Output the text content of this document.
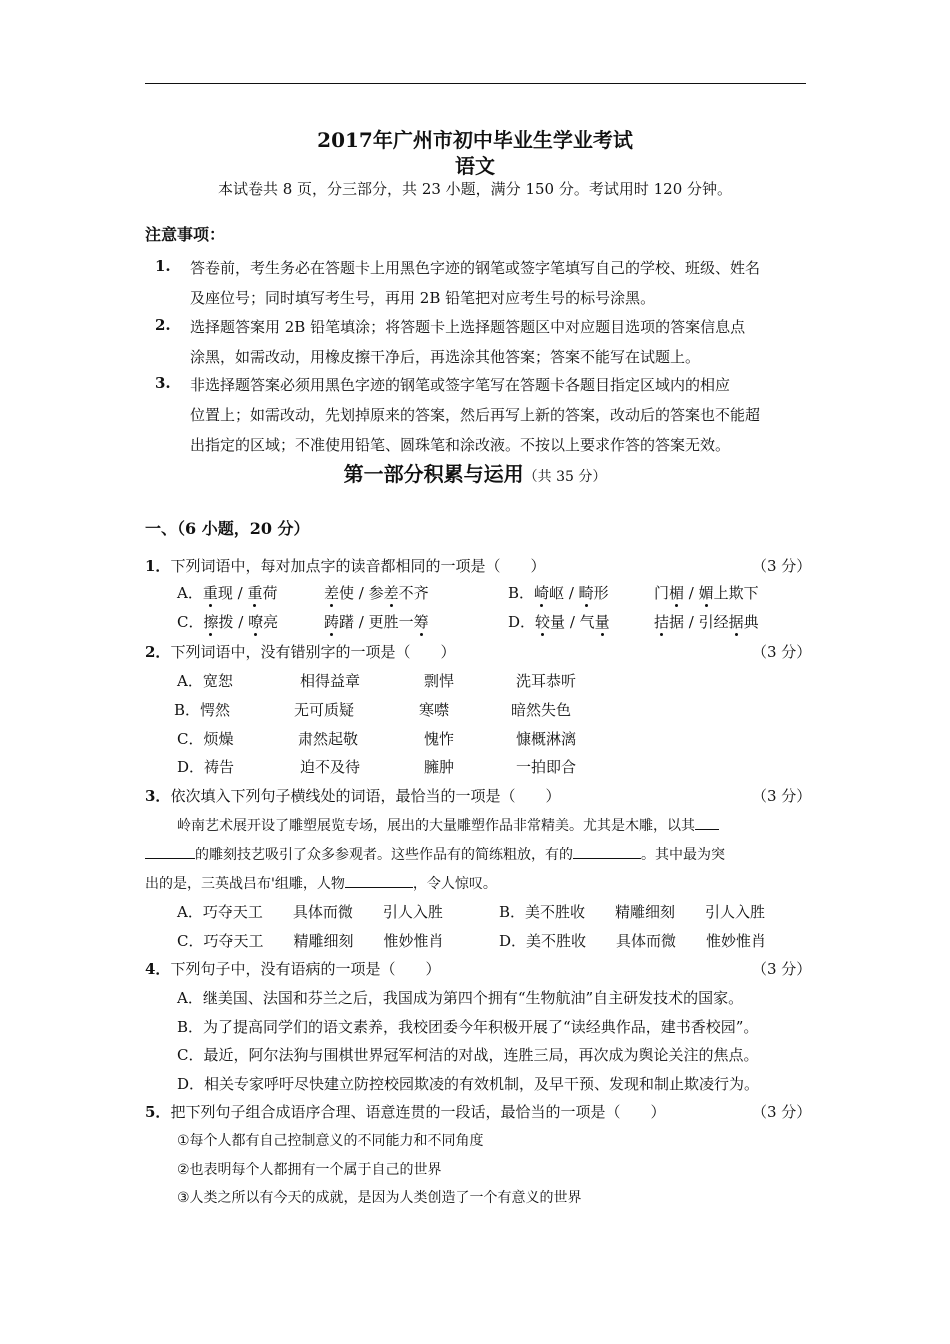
2017年广州市初中毕业生学业考试
语文
本试卷共 8 页，分三部分，共 23 小题，满分 150 分。考试用时 120 分钟。
注意事项：
1. 答卷前，考生务必在答题卡上用黑色字迹的钢笔或签字笔填写自己的学校、班级、姓名
及座位号；同时填写考生号，再用 2B 铅笔把对应考生号的标号涂黑。
2. 选择题答案用 2B 铅笔填涂；将答题卡上选择题答题区中对应题目选项的答案信息点
涂黑，如需改动，用橡皮擦干净后，再选涂其他答案；答案不能写在试题上。
3. 非选择题答案必须用黑色字迹的钢笔或签字笔写在答题卡各题目指定区域内的相应
位置上；如需改动，先划掉原来的答案，然后再写上新的答案，改动后的答案也不能超
出指定的区域；不准使用铅笔、圆珠笔和涂改液。不按以上要求作答的答案无效。
第一部分积累与运用（共 35 分）
一、（6 小题，20 分）
1．下列词语中，每对加点字的读音都相同的一项是（　　）	（3 分）
A．重现 / 重荷	差使 / 参差不齐	B．崎岖 / 畸形	门楣 / 媚上欺下
C．擦拨 / 嘹亮	踌躇 / 更胜一筹	D．较量 / 气量	拮据 / 引经据典
2．下列词语中，没有错别字的一项是（　　）	（3 分）
A．宽恕	相得益章	剽悍	洗耳恭听
B．愕然	无可质疑	寒噤	暗然失色
C．烦燥	肃然起敬	愧怍	慷概淋漓
D．祷告	迫不及待	臃肿	一拍即合
3．依次填入下列句子横线处的词语，最恰当的一项是（　　）	（3 分）
岭南艺术展开设了雕塑展览专场，展出的大量雕塑作品非常精美。尤其是木雕，以其
的雕刻技艺吸引了众多参观者。这些作品有的简练粗放，有的	。其中最为突
出的是，三英战吕布'组雕，人物	，令人惊叹。
A．巧夺天工　　具体而微　　引人入胜	B．美不胜收　　精雕细刻　　引人入胜
C．巧夺天工　　精雕细刻　　惟妙惟肖	D．美不胜收　　具体而微　　惟妙惟肖
4．下列句子中，没有语病的一项是（　　）	（3 分）
A．继美国、法国和芬兰之后，我国成为第四个拥有“生物航油”自主研发技术的国家。
B．为了提高同学们的语文素养，我校团委今年积极开展了“读经典作品，建书香校园”。
C．最近，阿尔法狗与围棋世界冠军柯洁的对战，连胜三局，再次成为舆论关注的焦点。
D．相关专家呼吁尽快建立防控校园欺凌的有效机制，及早干预、发现和制止欺凌行为。
5．把下列句子组合成语序合理、语意连贯的一段话，最恰当的一项是（　　）	（3 分）
①每个人都有自己控制意义的不同能力和不同角度
②也表明每个人都拥有一个属于自己的世界
③人类之所以有今天的成就，是因为人类创造了一个有意义的世界
